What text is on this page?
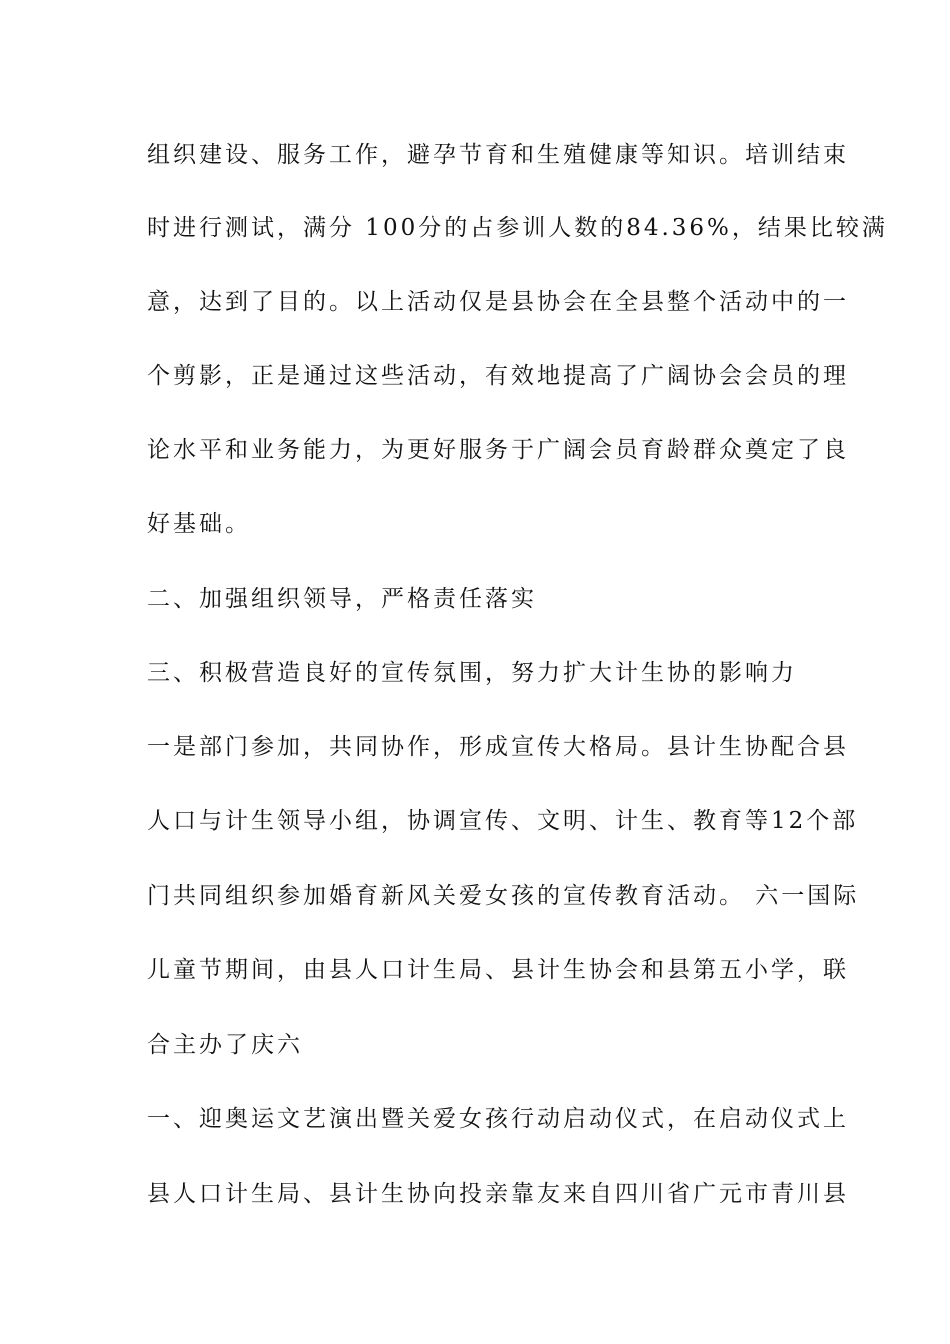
组织建设、服务工作，避孕节育和生殖健康等知识。培训结束
时进行测试，满分 100分的占参训人数的84.36%，结果比较满
意，达到了目的。以上活动仅是县协会在全县整个活动中的一
个剪影，正是通过这些活动，有效地提高了广阔协会会员的理
论水平和业务能力，为更好服务于广阔会员育龄群众奠定了良
好基础。
二、加强组织领导，严格责任落实
三、积极营造良好的宣传氛围，努力扩大计生协的影响力
一是部门参加，共同协作，形成宣传大格局。县计生协配合县
人口与计生领导小组，协调宣传、文明、计生、教育等12个部
门共同组织参加婚育新风关爱女孩的宣传教育活动。 六一国际
儿童节期间，由县人口计生局、县计生协会和县第五小学，联
合主办了庆六
一、迎奥运文艺演出暨关爱女孩行动启动仪式，在启动仪式上
县人口计生局、县计生协向投亲靠友来自四川省广元市青川县
